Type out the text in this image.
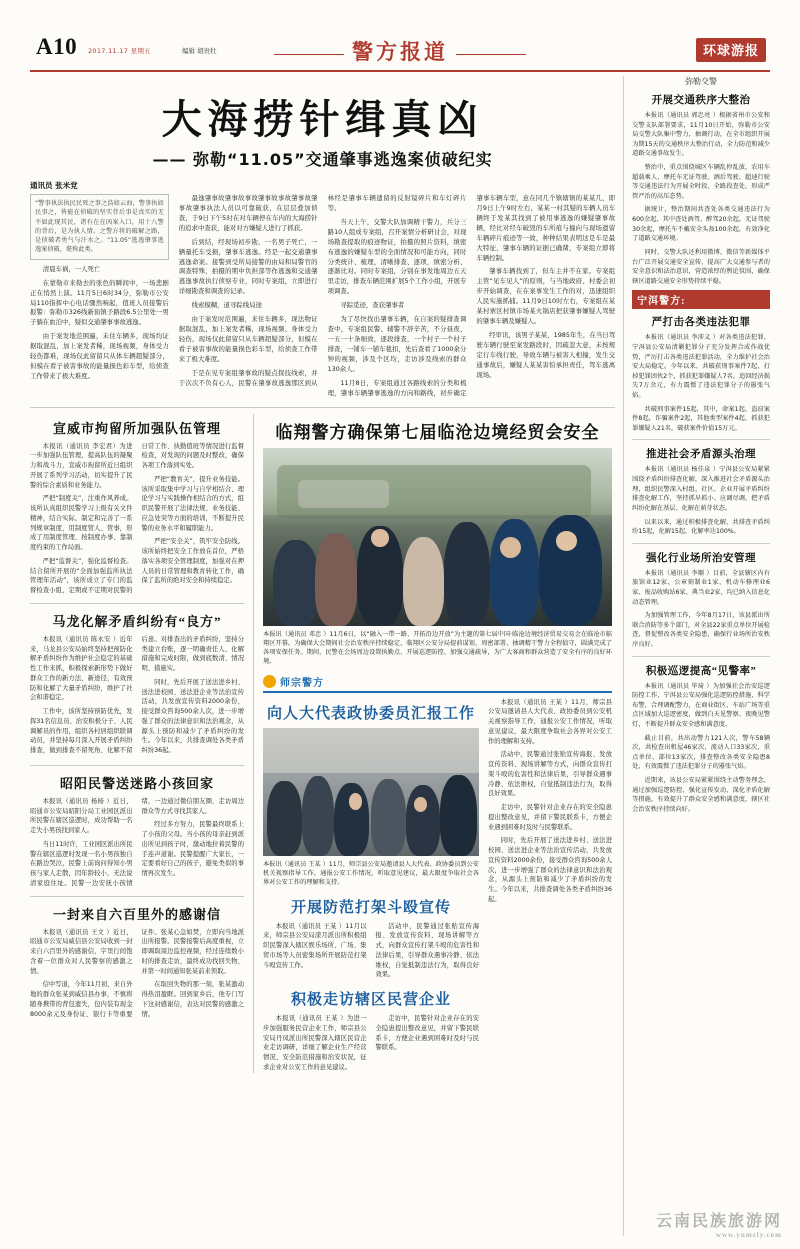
A10 2017.11.17 星期五	编辑 胡贵牡	警方报道	环球游报
大海捞针缉真凶
—— 弥勒“11.05”交通肇事逃逸案侦破纪实
通讯员 张米党
“警事执法执民民死之事之浩如云海，警事执如民事之，皆能在侦破的坚实背后事是真实的无不如此现其民，诸有在在凶案入口，用十八警的背后，是为执人情。之警方将的破解之路，是侦破者勇气与汗水之。“11.05”逃逸肇事逃逸案侦破，堪称此类。

清晨车祸，一人死亡

在蒙勒市来勒去的张色的瞬间中，一场悲剧正在悄然上演。11月5日6时34分，弥勒市公安局110指挥中心电话骤然响起，值班人员接警后报警：弥勒市326线新街镇予路段6.5公里处一男子躺在血泊中，疑似交通肇事事故逃逸。

由于案发地范围遍，未住车辆多，现场均证据取混乱，加上案发者稀，现场视频，身体受力轻伤都难，现场仅此留留只从体车辆超疑部分，但模在看子被害事故的能量损色彩车型，给侦查工作带来了极大难度。

最逸肇事故肇事故事故肇事故事故肇事故肇事故肇事执法人员以可靠破获，在层层叠加侦查，于9日下午5时在对车辆停在车内的大海捞针的追求中查获，能对对方嫌疑人进行了抓获。

后到结，经现场初步勘，一名男子死亡，一辆量托车受损，肇事车逃逸。经是一起交通肇事逃逸命案。接警到受所局接警的由局和局警官的调查特殊，拍摄的期中负担部等作逃逸和交通肇逃逸事故执行侦察专业，同时专案组，立即进行详细勘查和调查的记录。

线索模糊，道寻踪线局途

由于案发时范围遍，来住车辆多，现法物证据取混乱，加上案发者稀，现场视频、身体受力轻伤，现场仅此留留只从车辆超疑部分，但模在看子被害事故的能量损色彩车型，给侦查工作带来了极大难度。

于是在见专案组肇事故的疑点探技线索，并于次次不负有心人，民警在肇事故逃逸那区到从林经是肇事车辆遗留的反射镜碎片和车灯碎片等。

当天上午，交警大队加调精干警力，兵分三路10人组成专案组，召开案情分析研讨会，对现场勘查提取的痕迹物证，拍摄的照片资料，缜密布逃逸的嫌疑车型的全面情况和可能方向，同时分类统计、梳理，清晰排查、逐项，缜密分析、逐渐比对。同时专案组，分别在事发地周边五天里走访，排查车辆范围扩展5个工作小组，开展专项调查。

寻踪觅迹，查获肇事者

为了尽快找出肇事车辆，在自案的疑排查调查中，专案组民警、辅警不辞辛苦，不分昼夜，一五一十条细致，逐段排查，一个村子一个村子排查，一铺车一铺车毯扣，先后查看了1000余分钟的视频，涉及个区均，走访涉及线索的群众130余人。

11月8日，专案组通过各路线索的分类和梳理，肇事车辆肇事逃逸的方向和路线，初步确定肇事车辆车型，意在同几个镇辖镇的某某几，即月9日上午9时左右，某某一村其疑的车辆人员车辆终于发某其找到了被用事逃逸的嫌疑肇事故辆，经比对经车破毁的车所痕与撞向与现场遗留车辆碎片痕迹等一致，种种结果表明这是车是最大特征，肇事车辆的证据已确凿，专案组立即将车辆控制。

肇事车辆找到了，但车主并不在家。专案组主管“见车见人”的原则，与当地政府、村委会初步开始调查，在在案事发生工作的对，迅速组织人民实施抓捕。11月9日10时左右，专案组在某某村寨区村镇市场某火锅店把获肇事嫌疑人驾驶的肇事车辆及嫌疑人。

经审讯，该男子某某，1985年生，在当日驾驶车辆行驶至案发路段时，因疏忽大意，未按规定行车线行驶，导致车辆与被害人相撞，发生交通事故后，嫌疑人某某害怕承担责任，驾车逃离现场。

宣威市拘留所加强队伍管理

本报讯（通讯员 李宏君）为进一步加强队伍管理，提高队伍的凝聚力和战斗力，宣威市拘留所近日组织开展了系列学习活动，切实提升了民警的综合素质和业务能力。

严把“制度关”，注重作风养成。该所认真组织民警学习上级有关文件精神，结合实际，制定和完善了一系列规章制度，用制度管人、管事，形成了用制度管理、按制度办事、靠制度约束的工作局面。

严把“监督关”，强化监督检查。结合留所开展的“全面加强监所执法管理年活动”，该所成立了专门的监督检查小组，定期或不定期对民警的日常工作、执勤值班等情况进行监督检查，对发现的问题及时整改，确保各项工作落到实处。

严把“教育关”，提升业务技能。该所采取集中学习与自学相结合、理论学习与实践操作相结合的方式，组织民警开展了法律法规、业务技能、应急处突等方面的培训，不断提升民警的业务水平和履职能力。

严把“安全关”，筑牢安全防线。该所始终把安全工作放在首位，严格落实各项安全管理制度，加强对在押人员的日常管理和教育转化工作，确保了监所的绝对安全和持续稳定。

马龙化解矛盾纠纷有“良方”

本报讯（通讯员 陈永安 ）近年来，马龙县公安局始终坚持把预防化解矛盾纠纷作为维护社会稳定的基础性工作来抓，积极探索新形势下做好群众工作的新方法、新途径，有效预防和化解了大量矛盾纠纷，维护了社会和谐稳定。

工作中，该所坚持预防优先，发挥31名信息员、治安积极分子、人民调解员的作用，组织各村居组织联调动员，并坚持每月深入开展矛盾纠纷排查，做到排查不留死角、化解不留后患。对排查出的矛盾纠纷，坚持分类建立台账，逐一明确责任人、化解措施和完成时限，做到底数清、情况明、措施实。

同时，先后开展了送法进乡村、送法进校园、送法进企业等法治宣传活动，共发放宣传资料2000余份，接受群众咨询500余人次，进一步增强了群众的法律意识和法治观念，从源头上预防和减少了矛盾纠纷的发生。今年以来，共排查调处各类矛盾纠纷36起。

昭阳民警送迷路小孩回家

本报讯（通讯员 杨杨 ）近日，昭通市公安局昭阳分局工业园区派出所民警在辖区巡逻时，成功帮助一名走失小男孩找到家人。

当日11时许，工业园区派出所民警在辖区巡逻时发现一名小男孩独自在路边哭泣，民警上前询问得知小男孩与家人走散，因年龄较小，无法说清家庭住址。民警一边安抚小孩情绪，一边通过微信朋友圈、走访周边群众等方式寻找其家人。

经过多方努力，民警最终联系上了小孩的父母。当小孩的母亲赶到派出所见到孩子时，激动地拉着民警的手连声道谢。民警提醒广大家长，一定要看好自己的孩子，避免类似的事情再次发生。

一封来自六百里外的感谢信

本报讯（通讯员 王文 ）近日，昭通市公安局威信县公安局收到一封来自六百里外的感谢信，字里行间饱含着一位群众对人民警察的感激之情。

信中写道，今年11月初，来自外地的群众张某到威信县办事，不慎将随身携带的背包遗失，包内装有现金8000余元及身份证、银行卡等重要证件。张某心急如焚，立即向当地派出所报警。民警接警后高度重视，立即调取周边监控视频，经过连续数小时的排查走访，最终成功找回失物，并第一时间通知张某前来领取。

在取回失物的那一刻，张某激动得热泪盈眶。回到家乡后，他专门写下这封感谢信，表达对民警的感激之情。

临翔警方确保第七届临沧边境经贸会安全
本报讯（通讯员 邓忠 ）11月6日，以“融入一带一路、开拓沿边开放”为主题的第七届中国·临沧边境经济贸易交易会在临沧市临翔区开幕。为确保大会期间社会治安秩序持续稳定，临翔区公安分局提前谋划、周密部署，抽调精干警力全程值守，圆满完成了各项安保任务。期间，民警在会场周边设置执勤点、开展巡逻防控、加强交通疏导，为广大客商和群众营造了安全有序的良好环境。
师宗警方
向人大代表政协委员汇报工作
本报讯（通讯员 王某 ）11月，师宗县公安局邀请县人大代表、政协委员到公安机关视察指导工作，通报公安工作情况，听取意见建议，最大限度争取社会各界对公安工作的理解和支持。
开展防范打架斗殴宣传

本报讯（通讯员 王某 ）11月以来，师宗县公安局漾月派出所积极组织民警深入辖区娱乐场所、广场、集贸市场等人员密集场所开展防范打架斗殴宣传工作。

活动中，民警通过张贴宣传海报、发放宣传资料、现场讲解等方式，向群众宣传打架斗殴的危害性和法律后果，引导群众遇事冷静、依法维权，自觉抵制违法行为，取得良好效果。

积极走访辖区民营企业

本报讯（通讯员 王某 ）为进一步加强服务民营企业工作，师宗县公安局丹凤派出所民警深入辖区民营企业走访调研，详细了解企业生产经营情况、安全防范措施和治安状况，征求企业对公安工作的意见建议。

走访中，民警针对企业存在的安全隐患提出整改意见，并留下警民联系卡，方便企业遇到困难时及时与民警联系。

本报讯（通讯员 王某 ）11月，师宗县公安局邀请县人大代表、政协委员到公安机关视察指导工作，通报公安工作情况，听取意见建议，最大限度争取社会各界对公安工作的理解和支持。

活动中，民警通过张贴宣传海报、发放宣传资料、现场讲解等方式，向群众宣传打架斗殴的危害性和法律后果，引导群众遇事冷静、依法维权，自觉抵制违法行为，取得良好效果。

走访中，民警针对企业存在的安全隐患提出整改意见，并留下警民联系卡，方便企业遇到困难时及时与民警联系。

同时，先后开展了送法进乡村、送法进校园、送法进企业等法治宣传活动，共发放宣传资料2000余份，接受群众咨询500余人次，进一步增强了群众的法律意识和法治观念，从源头上预防和减少了矛盾纠纷的发生。今年以来，共排查调处各类矛盾纠纷36起。

弥勒交警
开展交通秩序大整治

本报讯（通讯员 郭忠亮 ）根据省州市公安和交警支队部署要求，11月10日开始，弥勒市公安局交警大队集中警力，抽调行动，在全市组织开展为期15天的交通秩序大整治行动，全力防范和减少道路交通事故发生。

整治中，重点围绕城区车辆乱停乱放、农用车超载乘人、摩托车无证驾驶、酒后驾驶、超速行驶等交通违法行为开展全时段、全路段查处，形成严管严治的高压态势。

据统计，整治期间共查处各类交通违法行为600余起，其中查处酒驾、醉驾20余起，无证驾驶30余起，摩托车不戴安全头盔100余起，有效净化了道路交通环境。

同时，交警大队还利用微博、微信等新媒体平台广泛开展交通安全宣传，提高广大交通参与者的安全意识和法治意识，营造浓厚的舆论氛围，确保辖区道路交通安全形势持续平稳。

宁洱警方:
严打击各类违法犯罪

本报讯（通讯员 李沛义 ）对各类违法犯罪，宁洱县公安局清剿犯罪分子充分发挥合成作战优势，严厉打击各类违法犯罪活动，全力维护社会治安大局稳定。今年以来，共破获刑事案件7起，打掉犯罪团伙2个，抓获犯罪嫌疑人7名，追回经济损失7万余元，有力震慑了违法犯罪分子的嚣张气焰。

共破刑事案件15起，其中，命案1起，盗窃案件8起，诈骗案件2起，其他类型案件4起，抓获犯罪嫌疑人21名，破获案件价值15万元。

推进社会矛盾源头治理

本报讯（通讯员 杨佳泉 ）宁洱县公安局紧紧围绕矛盾纠纷排查化解，深入推进社会矛盾源头治理，组织民警深入村组、社区、企业开展矛盾纠纷排查化解工作，坚持抓早抓小、应调尽调，把矛盾纠纷化解在基层、化解在萌芽状态。

以来以来，通过积极排查化解，共排查矛盾纠纷15起，化解15起，化解率达100%。

强化行业场所治安管理

本报讯（通讯员 李顺 ）目前，全县辖区内有旅馆业12家、公章刻制业1家、机动车修理业6家、废品收购站6家、典当业2家，均已纳入信息化动态管理。

为加强管理工作，今年8月17日，该县派出所联合消防等多个部门，对全县22家重点单位开展检查，督促整改各类安全隐患，确保行业场所治安秩序良好。

积极巡逻提高“见警率”

本报讯（通讯员 毕琦 ）为加强社会治安巡逻防控工作，宁洱县公安局强化巡逻防控措施，科学布警，合理调配警力，在商业街区、车站广场等重点区域加大巡逻密度，做到白天见警察、夜晚见警灯，不断提升群众安全感和满意度。

截止目前，共出动警力121人次，警车58辆次，共检查出租屋46家次，流动人口33家次，重点单位、部位13家次，排查整改各类安全隐患8处，有效震慑了违法犯罪分子的嚣张气焰。

近期来，该县公安局紧紧围绕主动警务理念，通过加强巡逻防控、强化宣传发动、深化矛盾化解等措施，有效提升了群众安全感和满意度，辖区社会治安秩序持续向好。

云南民族旅游网
www.ynmzly.com
